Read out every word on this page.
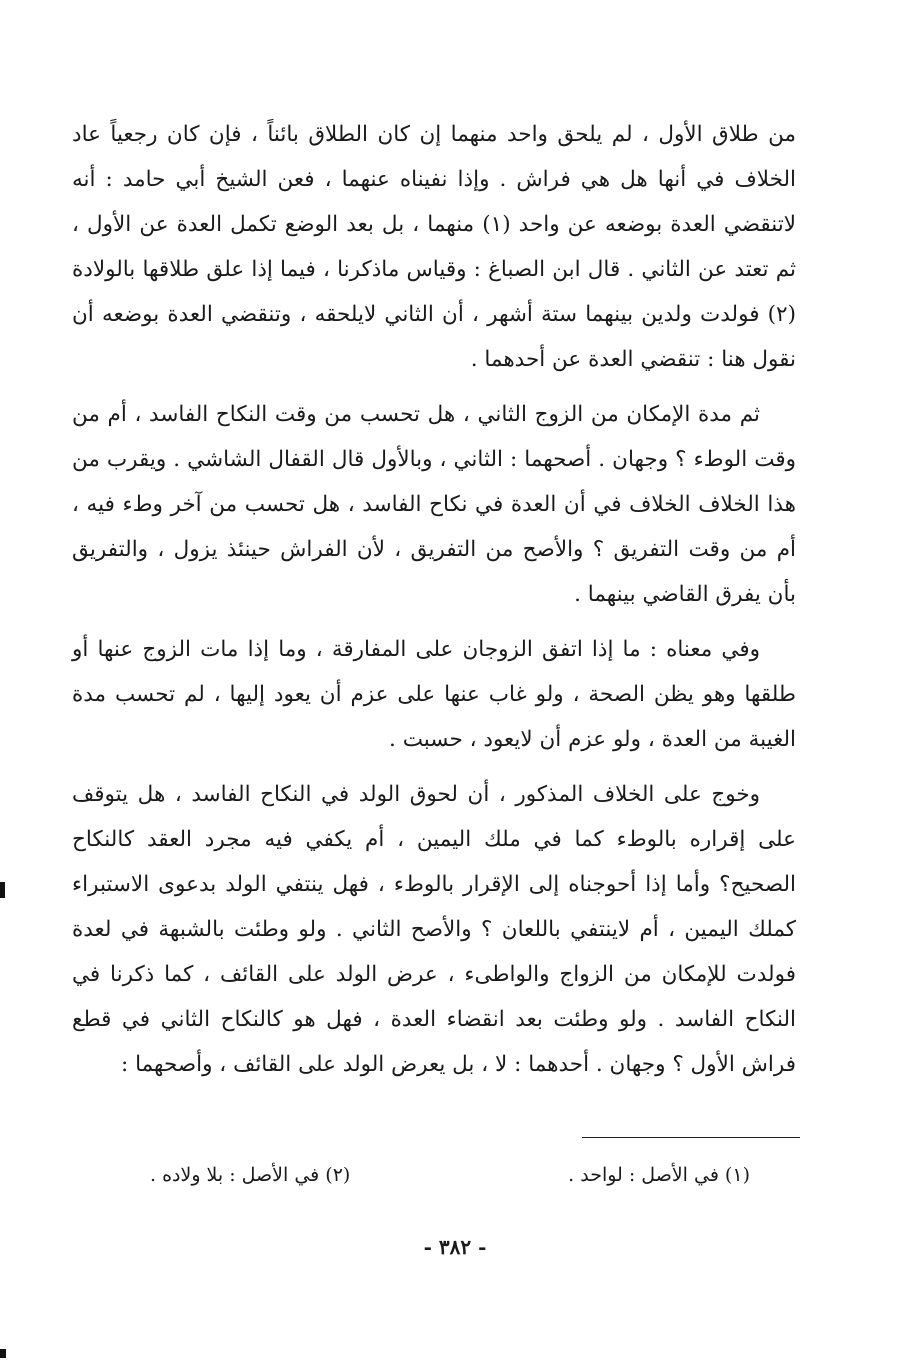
من طلاق الأول ، لم يلحق واحد منهما إن كان الطلاق بائناً ، فإن كان رجعياً عاد الخلاف في أنها هل هي فراش . وإذا نفيناه عنهما ، فعن الشيخ أبي حامد : أنه لاتنقضي العدة بوضعه عن واحد (١) منهما ، بل بعد الوضع تكمل العدة عن الأول ، ثم تعتد عن الثاني . قال ابن الصباغ : وقياس ماذكرنا ، فيما إذا علق طلاقها بالولادة (٢) فولدت ولدين بينهما ستة أشهر ، أن الثاني لايلحقه ، وتنقضي العدة بوضعه أن نقول هنا : تنقضي العدة عن أحدهما .

ثم مدة الإمكان من الزوج الثاني ، هل تحسب من وقت النكاح الفاسد ، أم من وقت الوطء ؟ وجهان . أصحهما : الثاني ، وبالأول قال القفال الشاشي . ويقرب من هذا الخلاف الخلاف في أن العدة في نكاح الفاسد ، هل تحسب من آخر وطء فيه ، أم من وقت التفريق ؟ والأصح من التفريق ، لأن الفراش حينئذ يزول ، والتفريق بأن يفرق القاضي بينهما .

وفي معناه : ما إذا اتفق الزوجان على المفارقة ، وما إذا مات الزوج عنها أو طلقها وهو يظن الصحة ، ولو غاب عنها على عزم أن يعود إليها ، لم تحسب مدة الغيبة من العدة ، ولو عزم أن لايعود ، حسبت .

وخوج على الخلاف المذكور ، أن لحوق الولد في النكاح الفاسد ، هل يتوقف على إقراره بالوطء كما في ملك اليمين ، أم يكفي فيه مجرد العقد كالنكاح الصحيح؟ وأما إذا أحوجناه إلى الإقرار بالوطء ، فهل ينتفي الولد بدعوى الاستبراء كملك اليمين ، أم لاينتفي باللعان ؟ والأصح الثاني . ولو وطئت بالشبهة في لعدة فولدت للإمكان من الزواج والواطىء ، عرض الولد على القائف ، كما ذكرنا في النكاح الفاسد . ولو وطئت بعد انقضاء العدة ، فهل هو كالنكاح الثاني في قطع فراش الأول ؟ وجهان . أحدهما : لا ، بل يعرض الولد على القائف ، وأصحهما :

(١) في الأصل : لواحد .
(٢) في الأصل : بلا ولاده .
- ٣٨٢ -
